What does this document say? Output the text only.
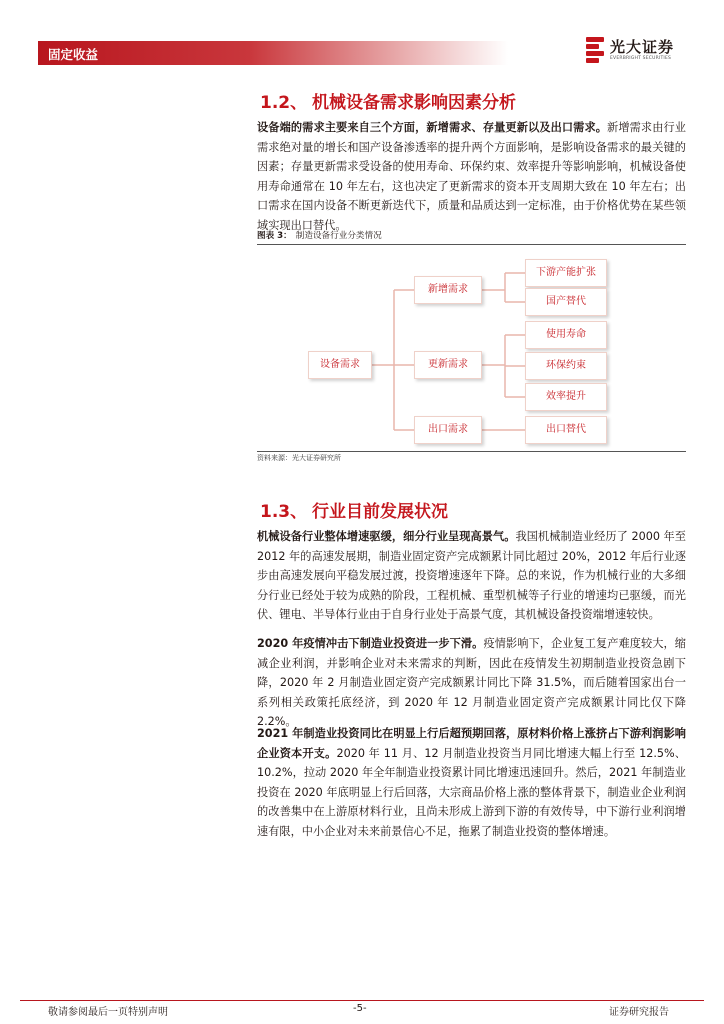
固定收益	光大证券
EVERBRIGHT SECURITIES
1.2、 机械设备需求影响因素分析
设备端的需求主要来自三个方面，新增需求、存量更新以及出口需求。新增需求由行业需求绝对量的增长和国产设备渗透率的提升两个方面影响，是影响设备需求的最关键的因素；存量更新需求受设备的使用寿命、环保约束、效率提升等影响影响，机械设备使用寿命通常在 10 年左右，这也决定了更新需求的资本开支周期大致在 10 年左右；出口需求在国内设备不断更新迭代下，质量和品质达到一定标准，由于价格优势在某些领域实现出口替代。
图表 3： 制造设备行业分类情况
设备需求
新增需求
更新需求
出口需求
下游产能扩张
国产替代
使用寿命
环保约束
效率提升
出口替代
资料来源：光大证券研究所
1.3、 行业目前发展状况
机械设备行业整体增速驱缓，细分行业呈现高景气。我国机械制造业经历了 2000 年至 2012 年的高速发展期，制造业固定资产完成额累计同比超过 20%，2012 年后行业逐步由高速发展向平稳发展过渡，投资增速逐年下降。总的来说，作为机械行业的大多细分行业已经处于较为成熟的阶段，工程机械、重型机械等子行业的增速均已驱缓，而光伏、锂电、半导体行业由于自身行业处于高景气度，其机械设备投资端增速较快。
2020 年疫情冲击下制造业投资进一步下滑。疫情影响下，企业复工复产难度较大，缩减企业利润，并影响企业对未来需求的判断，因此在疫情发生初期制造业投资急剧下降，2020 年 2 月制造业固定资产完成额累计同比下降 31.5%，而后随着国家出台一系列相关政策托底经济，到 2020 年 12 月制造业固定资产完成额累计同比仅下降 2.2%。
2021 年制造业投资同比在明显上行后超预期回落，原材料价格上涨挤占下游利润影响企业资本开支。2020 年 11 月、12 月制造业投资当月同比增速大幅上行至 12.5%、10.2%，拉动 2020 年全年制造业投资累计同比增速迅速回升。然后，2021 年制造业投资在 2020 年底明显上行后回落，大宗商品价格上涨的整体背景下，制造业企业利润的改善集中在上游原材料行业，且尚未形成上游到下游的有效传导，中下游行业利润增速有限，中小企业对未来前景信心不足，拖累了制造业投资的整体增速。
敬请参阅最后一页特别声明	-5-	证券研究报告
